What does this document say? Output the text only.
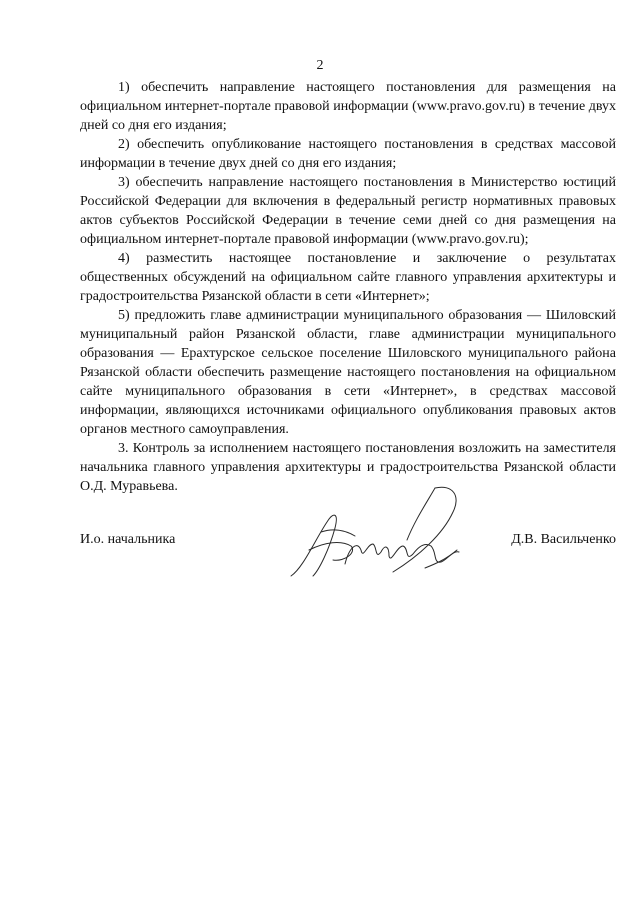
2

1) обеспечить направление настоящего постановления для размещения на официальном интернет-портале правовой информации (www.pravo.gov.ru) в течение двух дней со дня его издания;

2) обеспечить опубликование настоящего постановления в средствах массовой информации в течение двух дней со дня его издания;

3) обеспечить направление настоящего постановления в Министерство юстиций Российской Федерации для включения в федеральный регистр нормативных правовых актов субъектов Российской Федерации в течение семи дней со дня размещения на официальном интернет-портале правовой информации (www.pravo.gov.ru);

4) разместить настоящее постановление и заключение о результатах общественных обсуждений на официальном сайте главного управления архитектуры и градостроительства Рязанской области в сети «Интернет»;

5) предложить главе администрации муниципального образования — Шиловский муниципальный район Рязанской области, главе администрации муниципального образования — Ерахтурское сельское поселение Шиловского муниципального района Рязанской области обеспечить размещение настоящего постановления на официальном сайте муниципального образования в сети «Интернет», в средствах массовой информации, являющихся источниками официального опубликования правовых актов органов местного самоуправления.

3. Контроль за исполнением настоящего постановления возложить на заместителя начальника главного управления архитектуры и градостроительства Рязанской области О.Д. Муравьева.

И.о. начальника	Д.В. Васильченко
